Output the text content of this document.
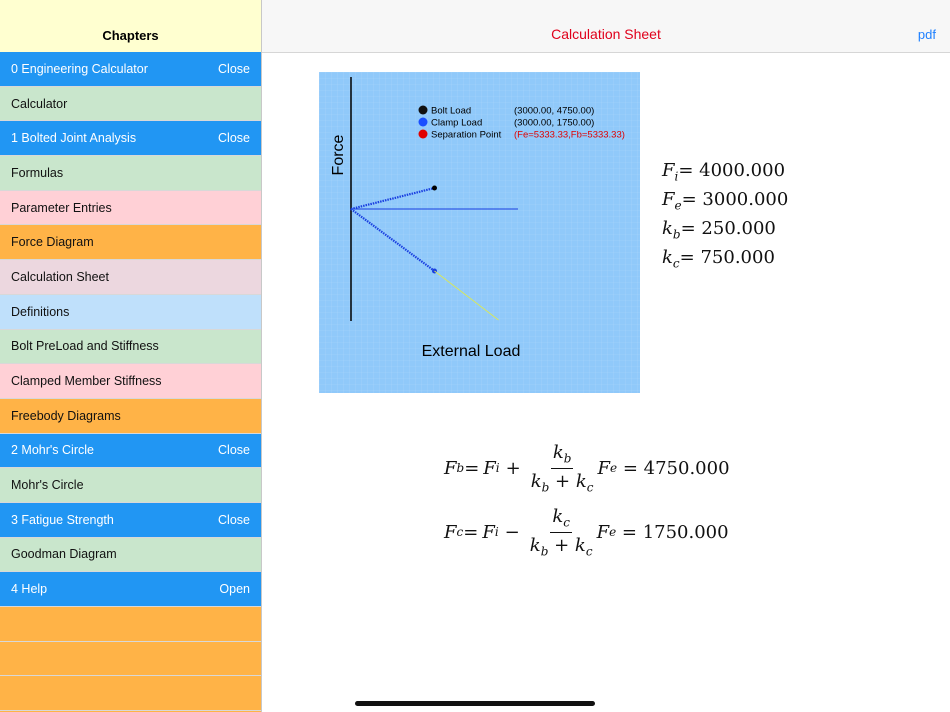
Chapters
0 Engineering Calculator	Close
Calculator
1 Bolted Joint Analysis	Close
Formulas
Parameter Entries
Force Diagram
Calculation Sheet
Definitions
Bolt PreLoad and Stiffness
Clamped Member Stiffness
Freebody Diagrams
2 Mohr's Circle	Close
Mohr's Circle
3 Fatigue Strength	Close
Goodman Diagram
4 Help	Open
Calculation Sheet	pdf
Force
External Load
Bolt Load	(3000.00, 4750.00)
Clamp Load	(3000.00, 1750.00)
Separation Point (Fe=5333.33,Fb=5333.33)
$F_i= 4000.000$
$F_e= 3000.000$
$k_b= 250.000$
$k_c= 750.000$
F b = F $i + \frac{k_b}{k_b + k_c}$ F e = 4750.000
F c = F $i - \frac{k_c}{k_b + k_c}$ F e = 1750.000
